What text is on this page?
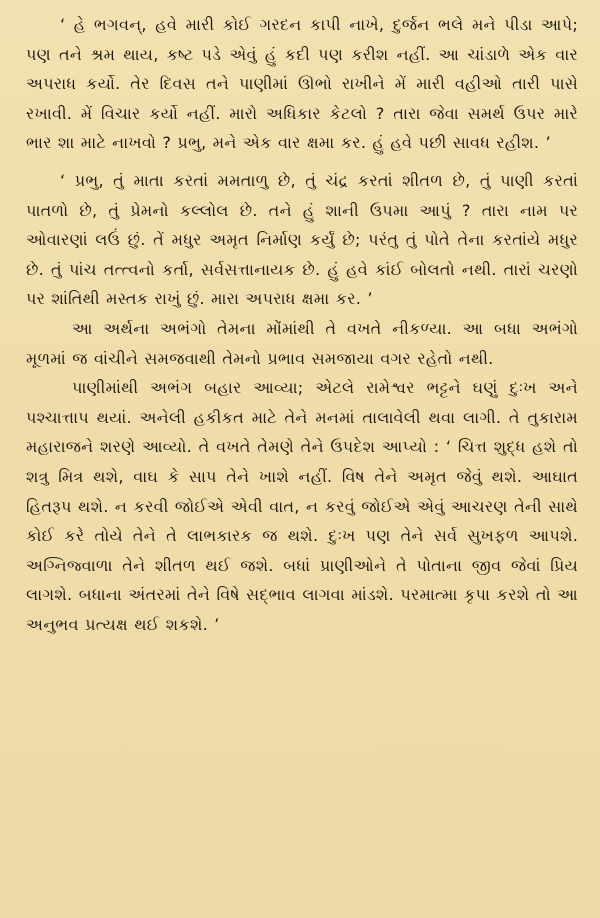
‘ હે ભગવન્, હવે મારી કોઈ ગરદન કાપી નાખે, દુર્જન ભલે મને પીડા આપે; પણ તને શ્રમ થાય, કષ્ટ પડે એવું હું કદી પણ કરીશ નહીં. આ ચાંડાળે એક વાર અપરાધ કર્યો. તેર દિવસ તને પાણીમાં ઊભો રાખીને મેં મારી વહીઓ તારી પાસે રખાવી. મેં વિચાર કર્યો નહીં. મારો અધિકાર કેટલો ? તારા જેવા સમર્થ ઉપર મારે ભાર શા માટે નાખવો ? પ્રભુ, મને એક વાર ક્ષમા કર. હું હવે પછી સાવધ રહીશ. ’

‘ પ્રભુ, તું માતા કરતાં મમતાળુ છે, તું ચંદ્ર કરતાં શીતળ છે, તું પાણી કરતાં પાતળો છે, તું પ્રેમનો કલ્લોલ છે. તને હું શાની ઉપમા આપું ? તારા નામ પર ઓવારણાં લઉં છું. તેં મધુર અમૃત નિર્માણ કર્યું છે; પરંતુ તું પોતે તેના કરતાંયે મધુર છે. તું પાંચ તત્ત્વનો કર્તા, સર્વસત્તાનાયક છે. હું હવે કાંઈ બોલતો નથી. તારાં ચરણો પર શાંતિથી મસ્તક રાખું છું. મારા અપરાધ ક્ષમા કર. ’

આ અર્થના અભંગો તેમના મોંમાંથી તે વખતે નીકળ્યા. આ બધા અભંગો મૂળમાં જ વાંચીને સમજવાથી તેમનો પ્રભાવ સમજાયા વગર રહેતો નથી.

પાણીમાંથી અભંગ બહાર આવ્યા; એટલે રામેશ્વર ભટ્ટને ઘણું દુઃખ અને પશ્ચાત્તાપ થયાં. અનેલી હકીકત માટે તેને મનમાં તાલાવેલી થવા લાગી. તે તુકારામ મહારાજને શરણે આવ્યો. તે વખતે તેમણે તેને ઉપદેશ આપ્યો : ‘ ચિત્ત શુદ્ધ હશે તો શત્રુ મિત્ર થશે, વાઘ કે સાપ તેને ખાશે નહીં. વિષ તેને અમૃત જેવું થશે. આઘાત હિતરૂપ થશે. ન કરવી જોઈએ એવી વાત, ન કરવું જોઈએ એવું આચરણ તેની સાથે કોઈ કરે તોયે તેને તે લાભકારક જ થશે. દુઃખ પણ તેને સર્વ સુખફળ આપશે. અગ્નિજ્વાળા તેને શીતળ થઈ જશે. બધાં પ્રાણીઓને તે પોતાના જીવ જેવાં પ્રિય લાગશે. બધાના અંતરમાં તેને વિષે સદ્ભાવ લાગવા માંડશે. પરમાત્મા કૃપા કરશે તો આ અનુભવ પ્રત્યક્ષ થઈ શકશે. ’
